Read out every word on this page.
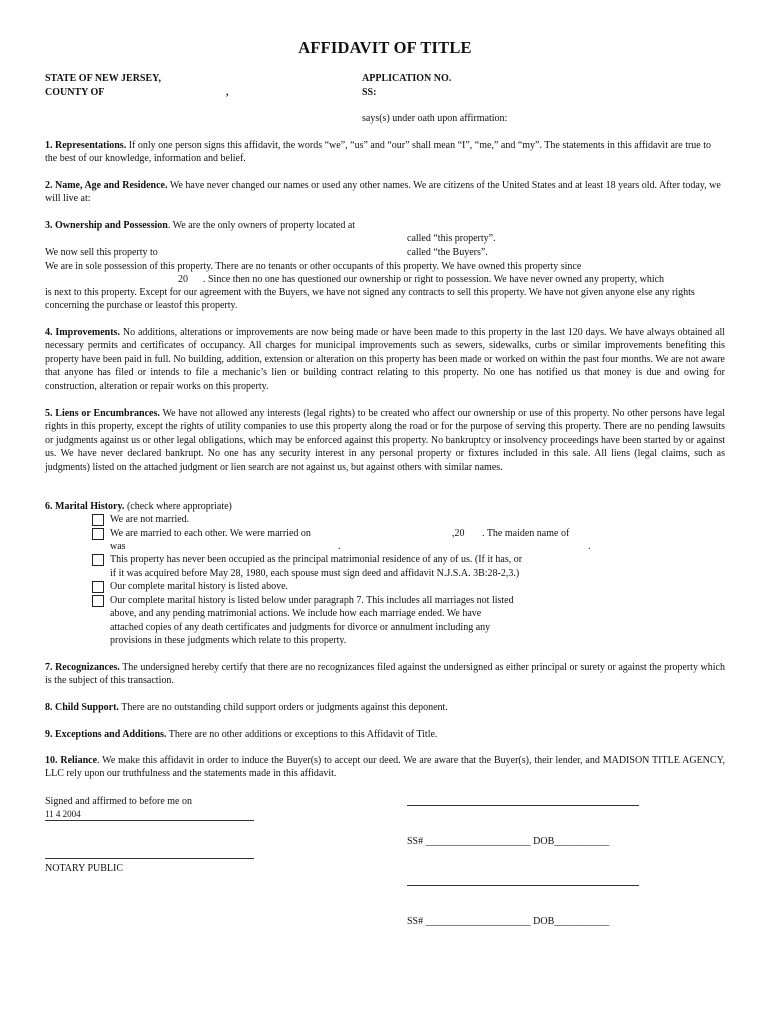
AFFIDAVIT OF TITLE
STATE OF NEW JERSEY,
COUNTY OF	,
APPLICATION NO.
SS:
says(s) under oath upon affirmation:
1. Representations. If only one person signs this affidavit, the words “we”, “us” and “our” shall mean “I”, “me,” and “my”. The statements in this affidavit are true to the best of our knowledge, information and belief.
2. Name, Age and Residence. We have never changed our names or used any other names. We are citizens of the United States and at least 18 years old. After today, we will live at:
3. Ownership and Possession. We are the only owners of property located at
called “this property”.
We now sell this property to	called “the Buyers”.
We are in sole possession of this property. There are no tenants or other occupants of this property. We have owned this property since
20 . Since then no one has questioned our ownership or right to possession. We have never owned any property, which
is next to this property. Except for our agreement with the Buyers, we have not signed any contracts to sell this property. We have not given anyone else any rights concerning the purchase or leastof this property.
4. Improvements. No additions, alterations or improvements are now being made or have been made to this property in the last 120 days. We have always obtained all necessary permits and certificates of occupancy. All charges for municipal improvements such as sewers, sidewalks, curbs or similar improvements benefiting this property have been paid in full. No building, addition, extension or alteration on this property has been made or worked on within the past four months. We are not aware that anyone has filed or intends to file a mechanic’s lien or building contract relating to this property. No one has notified us that money is due and owing for construction, alteration or repair works on this property.
5. Liens or Encumbrances. We have not allowed any interests (legal rights) to be created who affect our ownership or use of this property. No other persons have legal rights in this property, except the rights of utility companies to use this property along the road or for the purpose of serving this property. There are no pending lawsuits or judgments against us or other legal obligations, which may be enforced against this property. No bankruptcy or insolvency proceedings have been started by or against us. We have never declared bankrupt. No one has any security interest in any personal property or fixtures included in this sale. All liens (legal claims, such as judgments) listed on the attached judgment or lien search are not against us, but against others with similar names.
6. Marital History. (check where appropriate)
We are not married.
We are married to each other. We were married on	,20 . The maiden name of
was	.	.
This property has never been occupied as the principal matrimonial residence of any of us. (If it has, or
if it was acquired before May 28, 1980, each spouse must sign deed and affidavit N.J.S.A. 3B:28-2,3.)
Our complete marital history is listed above.
Our complete marital history is listed below under paragraph 7. This includes all marriages not listed
above, and any pending matrimonial actions. We include how each marriage ended. We have
attached copies of any death certificates and judgments for divorce or annulment including any
provisions in these judgments which relate to this property.
7. Recognizances. The undersigned hereby certify that there are no recognizances filed against the undersigned as either principal or surety or against the property which is the subject of this transaction.
8. Child Support. There are no outstanding child support orders or judgments against this deponent.
9. Exceptions and Additions. There are no other additions or exceptions to this Affidavit of Title.
10. Reliance. We make this affidavit in order to induce the Buyer(s) to accept our deed. We are aware that the Buyer(s), their lender, and MADISON TITLE AGENCY, LLC rely upon our truthfulness and the statements made in this affidavit.
Signed and affirmed to before me on
11 4 2004
SS# _____________________ DOB___________
NOTARY PUBLIC
SS# _____________________ DOB___________
